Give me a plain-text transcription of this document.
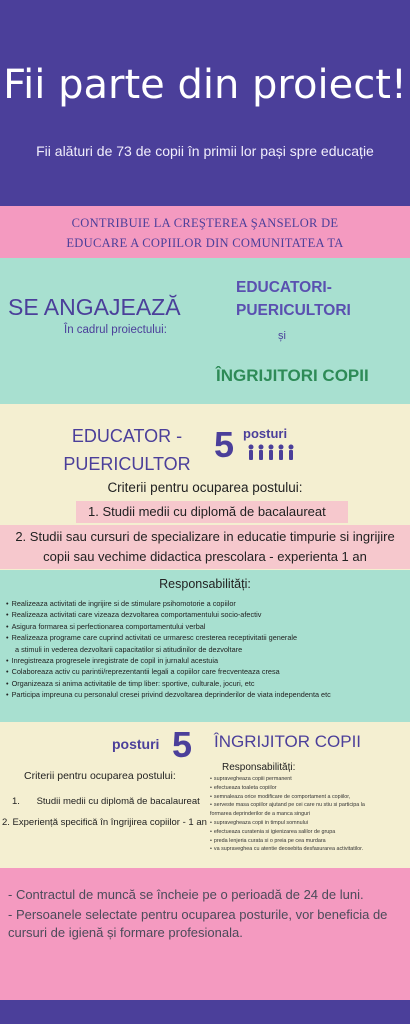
Fii parte din proiect!
Fii alături de 73 de copii în primii lor pași spre educație
CONTRIBUIE LA CREŞTEREA ŞANSELOR DE
EDUCARE A COPIILOR DIN COMUNITATEA TA
SE ANGAJEAZĂ
În cadrul proiectului:
EDUCATORI-
PUERICULTORI
și
ÎNGRIJITORI COPII
EDUCATOR -
PUERICULTOR 5 posturi
Criterii pentru ocuparea postului:
1. Studii medii cu diplomă de bacalaureat
2. Studii sau cursuri de specializare in educatie timpurie si ingrijire
copii sau vechime didactica prescolara - experienta 1 an
Responsabilități:
• Realizeaza activitati de ingrijire si de stimulare psihomotorie a copiilor
• Realizeaza activitati care vizeaza dezvoltarea comportamentului socio-afectiv
• Asigura formarea si perfectionarea comportamentului verbal
• Realizeaza programe care cuprind activitati ce urmaresc cresterea receptivitatii generale
a stimuli in vederea dezvoltarii capacitatilor si atitudinilor de dezvoltare
• Inregistreaza progresele inregistrate de copil in jurnalul acestuia
• Colaboreaza activ cu parintii/reprezentantii legali a copiilor care frecventeaza cresa
• Organizeaza si anima activitatile de timp liber: sportive, culturale, jocuri, etc
• Participa impreuna cu personalul cresei privind dezvoltarea deprinderilor de viata independenta etc
posturi 5 ÎNGRIJITOR COPII
Criterii pentru ocuparea postului:
1. Studii medii cu diplomă de bacalaureat
2. Experiență specifică în îngrijirea copiilor - 1 an
Responsabilități:
• supravegheaza copiii permanent
• efectueaza toaleta copiilor
• semnaleaza orice modificare de comportament a copiilor,
• serveste masa copiilor ajutand pe cei care nu stiu si participa la
formarea deprinderilor de a manca singuri
• supravegheaza copii in timpul somnului
• efectueaza curatenia si igienizarea salilor de grupa
• preda lenjeria curata si o preia pe cea murdara
• va supraveghea cu atentie deosebita desfasurarea activitatilor.

- Contractul de muncă se încheie pe o perioadă de 24 de luni.

- Persoanele selectate pentru ocuparea posturile, vor beneficia de cursuri de igienă și formare profesionala.
